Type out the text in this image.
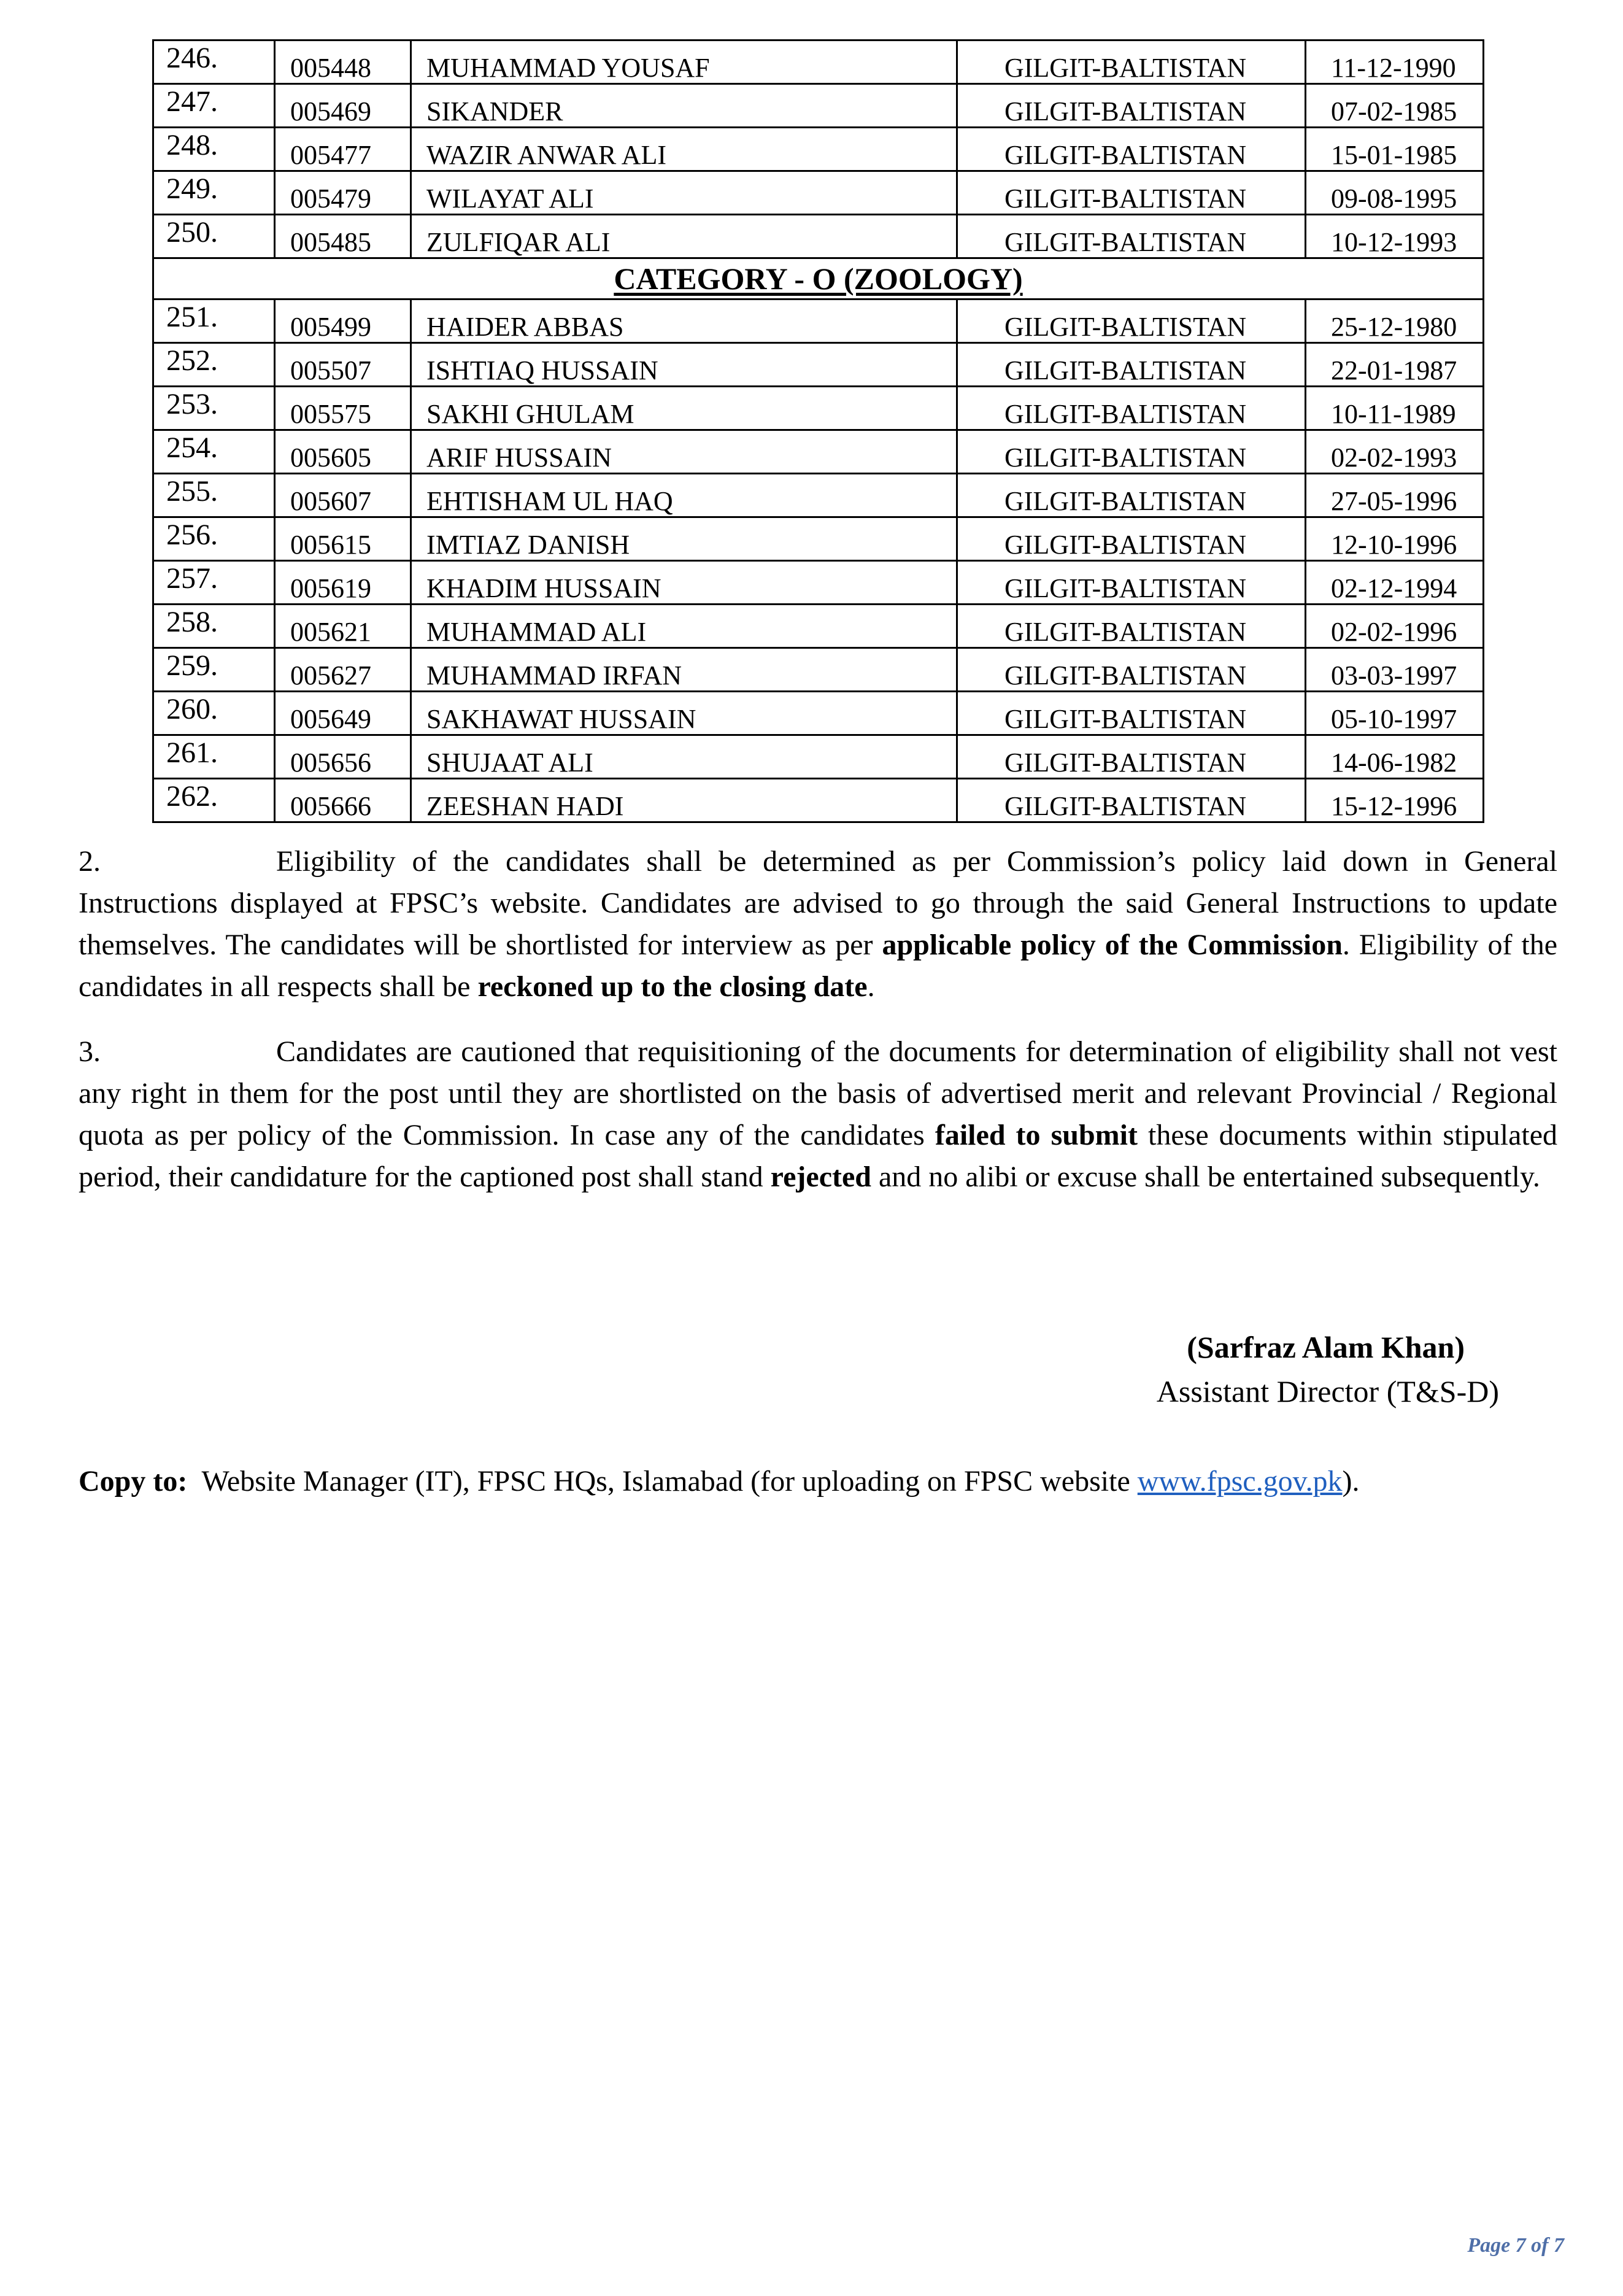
246.	005448	MUHAMMAD YOUSAF	GILGIT-BALTISTAN	11-12-1990
247.	005469	SIKANDER	GILGIT-BALTISTAN	07-02-1985
248.	005477	WAZIR ANWAR ALI	GILGIT-BALTISTAN	15-01-1985
249.	005479	WILAYAT ALI	GILGIT-BALTISTAN	09-08-1995
250.	005485	ZULFIQAR ALI	GILGIT-BALTISTAN	10-12-1993
CATEGORY - O (ZOOLOGY)				
251.	005499	HAIDER ABBAS	GILGIT-BALTISTAN	25-12-1980
252.	005507	ISHTIAQ HUSSAIN	GILGIT-BALTISTAN	22-01-1987
253.	005575	SAKHI GHULAM	GILGIT-BALTISTAN	10-11-1989
254.	005605	ARIF HUSSAIN	GILGIT-BALTISTAN	02-02-1993
255.	005607	EHTISHAM UL HAQ	GILGIT-BALTISTAN	27-05-1996
256.	005615	IMTIAZ DANISH	GILGIT-BALTISTAN	12-10-1996
257.	005619	KHADIM HUSSAIN	GILGIT-BALTISTAN	02-12-1994
258.	005621	MUHAMMAD ALI	GILGIT-BALTISTAN	02-02-1996
259.	005627	MUHAMMAD IRFAN	GILGIT-BALTISTAN	03-03-1997
260.	005649	SAKHAWAT HUSSAIN	GILGIT-BALTISTAN	05-10-1997
261.	005656	SHUJAAT ALI	GILGIT-BALTISTAN	14-06-1982
262.	005666	ZEESHAN HADI	GILGIT-BALTISTAN	15-12-1996

2.	Eligibility of the candidates shall be determined as per Commission’s policy laid down in General Instructions displayed at FPSC’s website. Candidates are advised to go through the said General Instructions to update themselves. The candidates will be shortlisted for interview as per applicable policy of the Commission. Eligibility of the candidates in all respects shall be reckoned up to the closing date.

3.	Candidates are cautioned that requisitioning of the documents for determination of eligibility shall not vest any right in them for the post until they are shortlisted on the basis of advertised merit and relevant Provincial / Regional quota as per policy of the Commission. In case any of the candidates failed to submit these documents within stipulated period, their candidature for the captioned post shall stand rejected and no alibi or excuse shall be entertained subsequently.

(Sarfraz Alam Khan)
Assistant Director (T&S-D)
Copy to: Website Manager (IT), FPSC HQs, Islamabad (for uploading on FPSC website www.fpsc.gov.pk).
Page 7 of 7
